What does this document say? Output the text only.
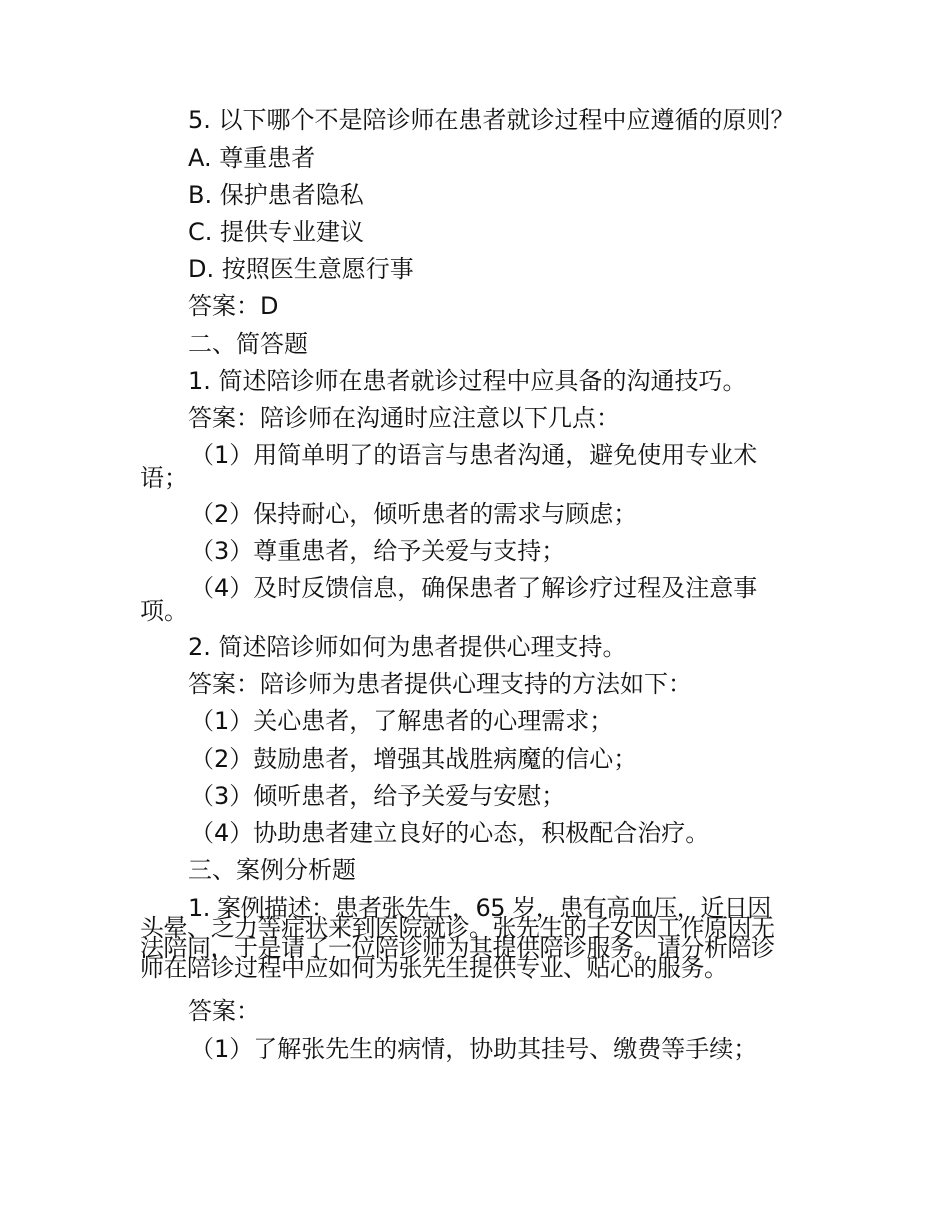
5. 以下哪个不是陪诊师在患者就诊过程中应遵循的原则？
A. 尊重患者
B. 保护患者隐私
C. 提供专业建议
D. 按照医生意愿行事
答案：D
二、简答题
1. 简述陪诊师在患者就诊过程中应具备的沟通技巧。
答案：陪诊师在沟通时应注意以下几点：
（1）用简单明了的语言与患者沟通，避免使用专业术
语；
（2）保持耐心，倾听患者的需求与顾虑；
（3）尊重患者，给予关爱与支持；
（4）及时反馈信息，确保患者了解诊疗过程及注意事
项。
2. 简述陪诊师如何为患者提供心理支持。
答案：陪诊师为患者提供心理支持的方法如下：
（1）关心患者，了解患者的心理需求；
（2）鼓励患者，增强其战胜病魔的信心；
（3）倾听患者，给予关爱与安慰；
（4）协助患者建立良好的心态，积极配合治疗。
三、案例分析题
1. 案例描述：患者张先生，65 岁，患有高血压，近日因
头晕、乏力等症状来到医院就诊。张先生的子女因工作原因无
法陪同，于是请了一位陪诊师为其提供陪诊服务。请分析陪诊
师在陪诊过程中应如何为张先生提供专业、贴心的服务。
答案：
（1）了解张先生的病情，协助其挂号、缴费等手续；
